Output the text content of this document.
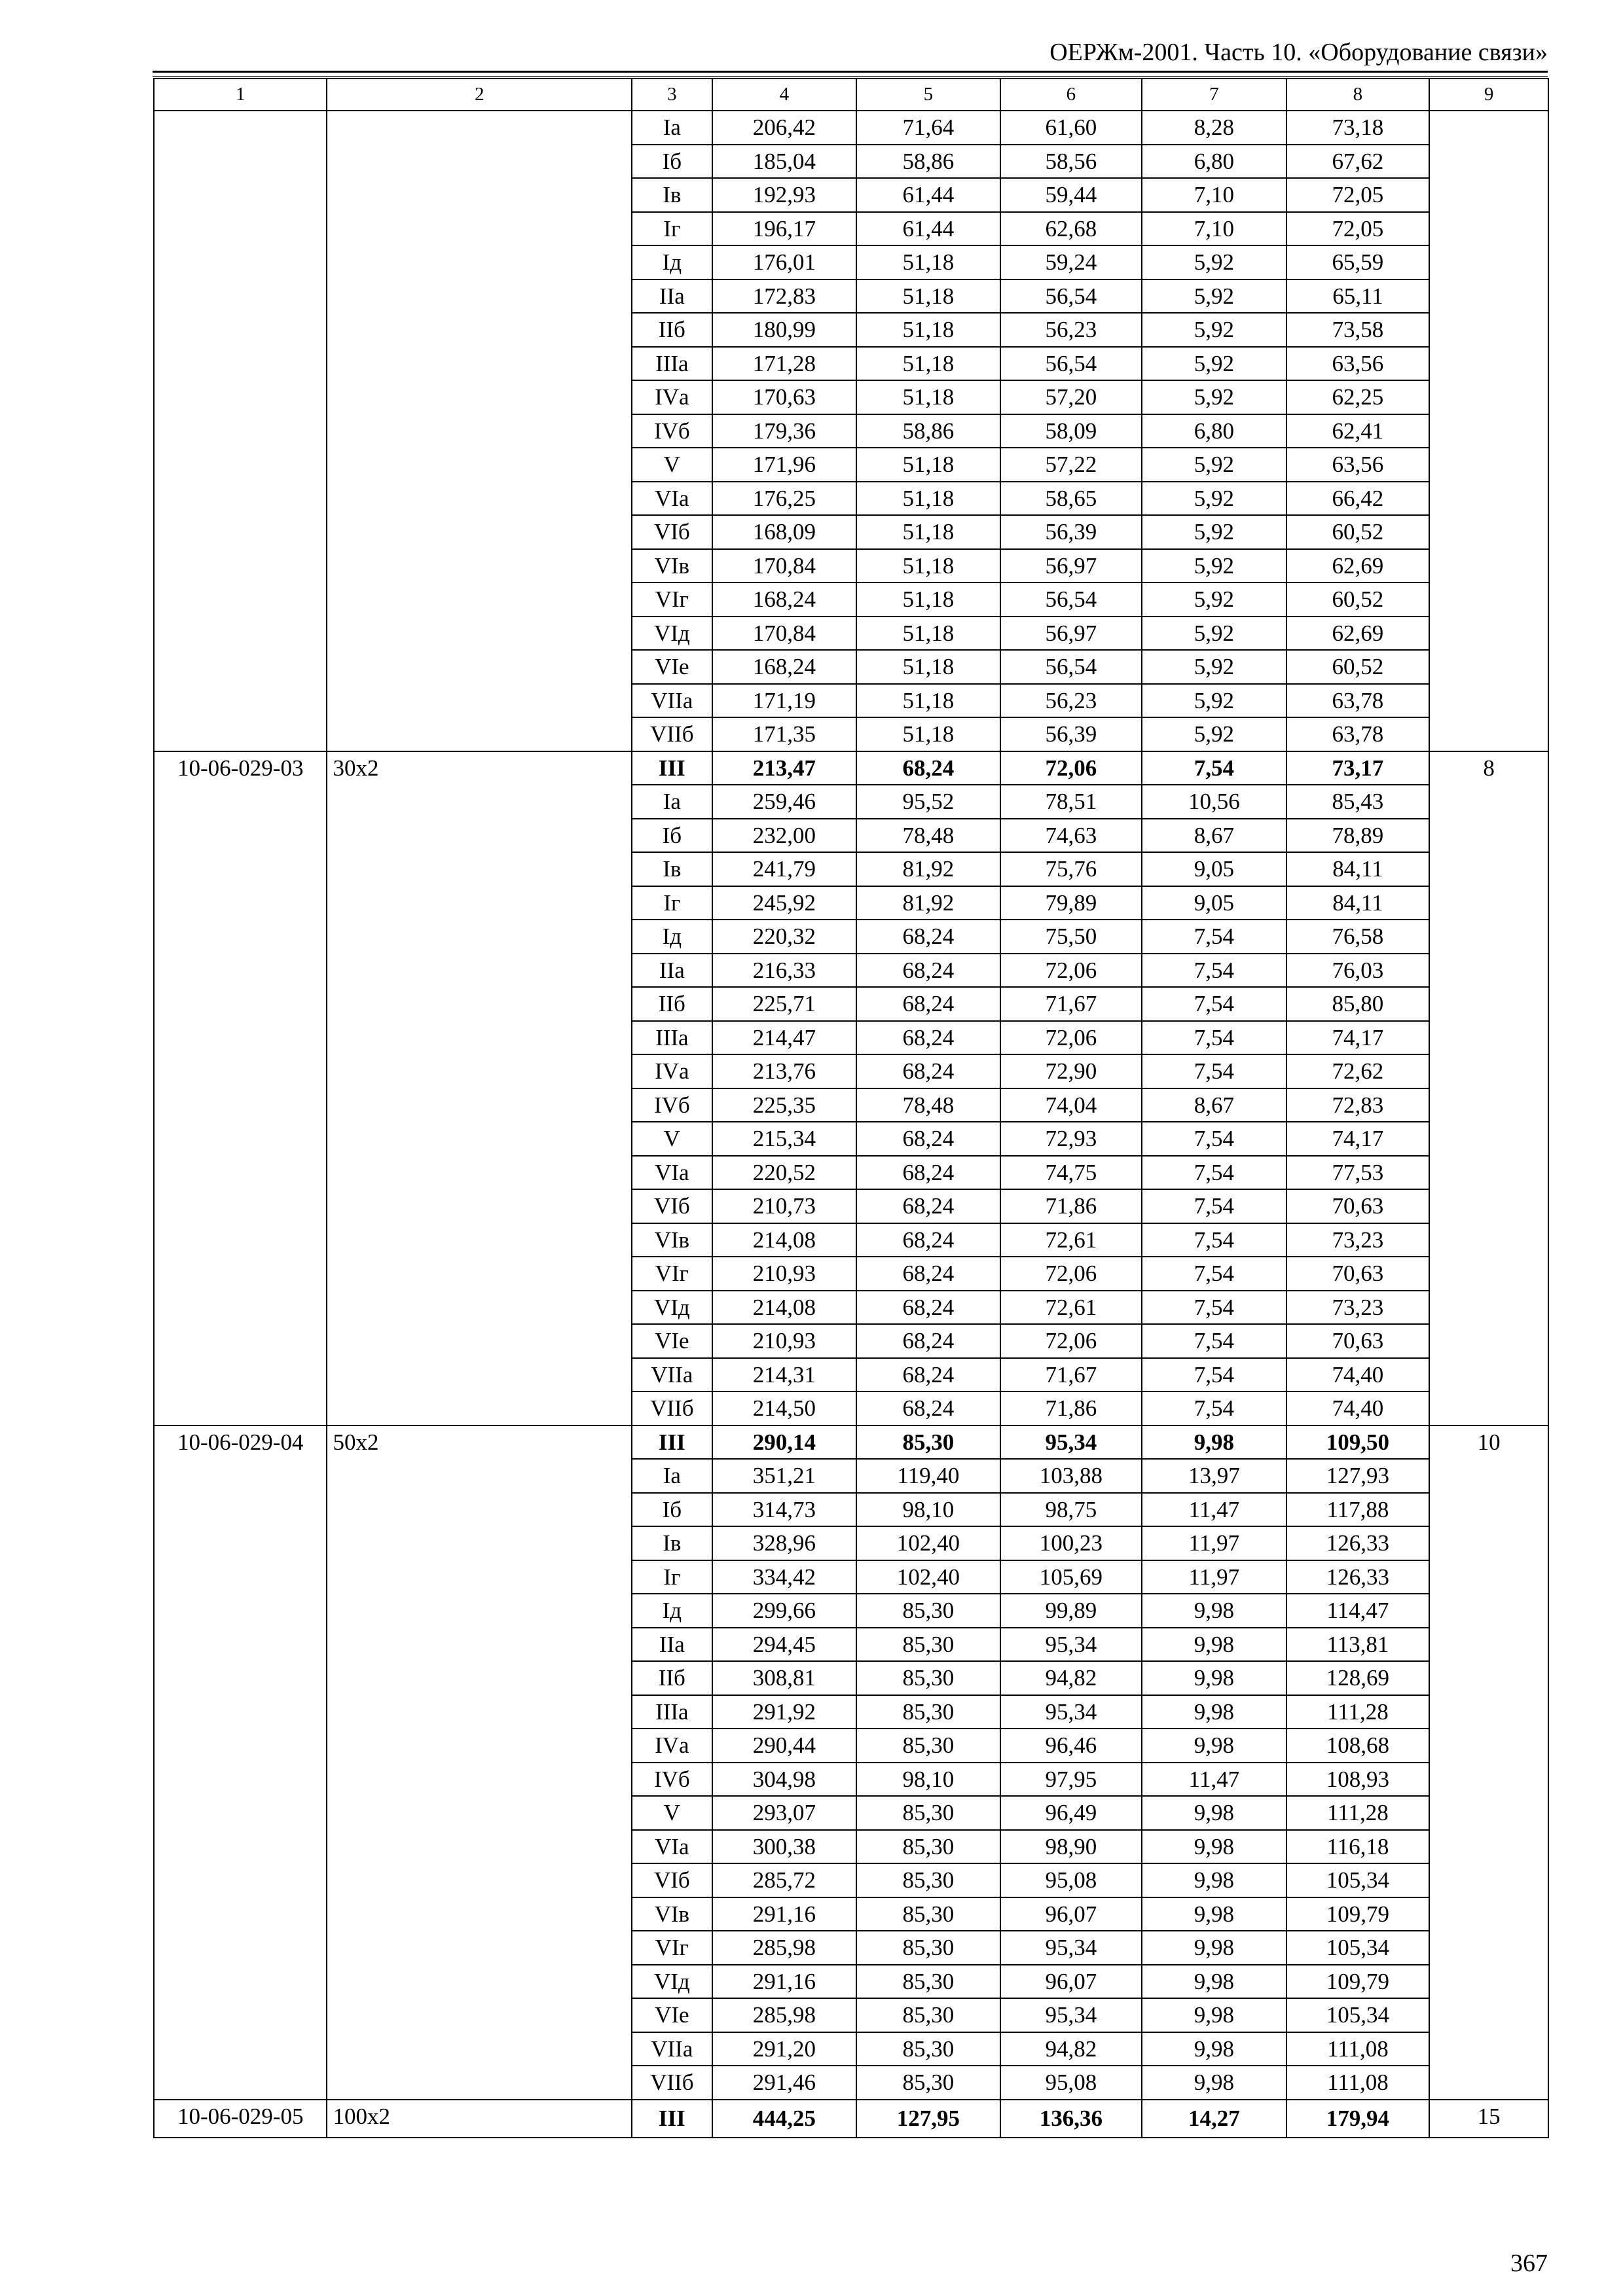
ОЕРЖм-2001. Часть 10. «Оборудование связи»
1	2	3	4	5	6	7	8	9
		Iа	206,42	71,64	61,60	8,28	73,18	
		Iб	185,04	58,86	58,56	6,80	67,62	
		Iв	192,93	61,44	59,44	7,10	72,05	
		Iг	196,17	61,44	62,68	7,10	72,05	
		Iд	176,01	51,18	59,24	5,92	65,59	
		IIа	172,83	51,18	56,54	5,92	65,11	
		IIб	180,99	51,18	56,23	5,92	73,58	
		IIIа	171,28	51,18	56,54	5,92	63,56	
		IVа	170,63	51,18	57,20	5,92	62,25	
		IVб	179,36	58,86	58,09	6,80	62,41	
		V	171,96	51,18	57,22	5,92	63,56	
		VIа	176,25	51,18	58,65	5,92	66,42	
		VIб	168,09	51,18	56,39	5,92	60,52	
		VIв	170,84	51,18	56,97	5,92	62,69	
		VIг	168,24	51,18	56,54	5,92	60,52	
		VIд	170,84	51,18	56,97	5,92	62,69	
		VIе	168,24	51,18	56,54	5,92	60,52	
		VIIа	171,19	51,18	56,23	5,92	63,78	
		VIIб	171,35	51,18	56,39	5,92	63,78	
10-06-029-03	30х2	III	213,47	68,24	72,06	7,54	73,17	8
		Iа	259,46	95,52	78,51	10,56	85,43	
		Iб	232,00	78,48	74,63	8,67	78,89	
		Iв	241,79	81,92	75,76	9,05	84,11	
		Iг	245,92	81,92	79,89	9,05	84,11	
		Iд	220,32	68,24	75,50	7,54	76,58	
		IIа	216,33	68,24	72,06	7,54	76,03	
		IIб	225,71	68,24	71,67	7,54	85,80	
		IIIа	214,47	68,24	72,06	7,54	74,17	
		IVа	213,76	68,24	72,90	7,54	72,62	
		IVб	225,35	78,48	74,04	8,67	72,83	
		V	215,34	68,24	72,93	7,54	74,17	
		VIа	220,52	68,24	74,75	7,54	77,53	
		VIб	210,73	68,24	71,86	7,54	70,63	
		VIв	214,08	68,24	72,61	7,54	73,23	
		VIг	210,93	68,24	72,06	7,54	70,63	
		VIд	214,08	68,24	72,61	7,54	73,23	
		VIе	210,93	68,24	72,06	7,54	70,63	
		VIIа	214,31	68,24	71,67	7,54	74,40	
		VIIб	214,50	68,24	71,86	7,54	74,40	
10-06-029-04	50х2	III	290,14	85,30	95,34	9,98	109,50	10
		Iа	351,21	119,40	103,88	13,97	127,93	
		Iб	314,73	98,10	98,75	11,47	117,88	
		Iв	328,96	102,40	100,23	11,97	126,33	
		Iг	334,42	102,40	105,69	11,97	126,33	
		Iд	299,66	85,30	99,89	9,98	114,47	
		IIа	294,45	85,30	95,34	9,98	113,81	
		IIб	308,81	85,30	94,82	9,98	128,69	
		IIIа	291,92	85,30	95,34	9,98	111,28	
		IVа	290,44	85,30	96,46	9,98	108,68	
		IVб	304,98	98,10	97,95	11,47	108,93	
		V	293,07	85,30	96,49	9,98	111,28	
		VIа	300,38	85,30	98,90	9,98	116,18	
		VIб	285,72	85,30	95,08	9,98	105,34	
		VIв	291,16	85,30	96,07	9,98	109,79	
		VIг	285,98	85,30	95,34	9,98	105,34	
		VIд	291,16	85,30	96,07	9,98	109,79	
		VIе	285,98	85,30	95,34	9,98	105,34	
		VIIа	291,20	85,30	94,82	9,98	111,08	
		VIIб	291,46	85,30	95,08	9,98	111,08	
10-06-029-05	100х2	III	444,25	127,95	136,36	14,27	179,94	15
367
